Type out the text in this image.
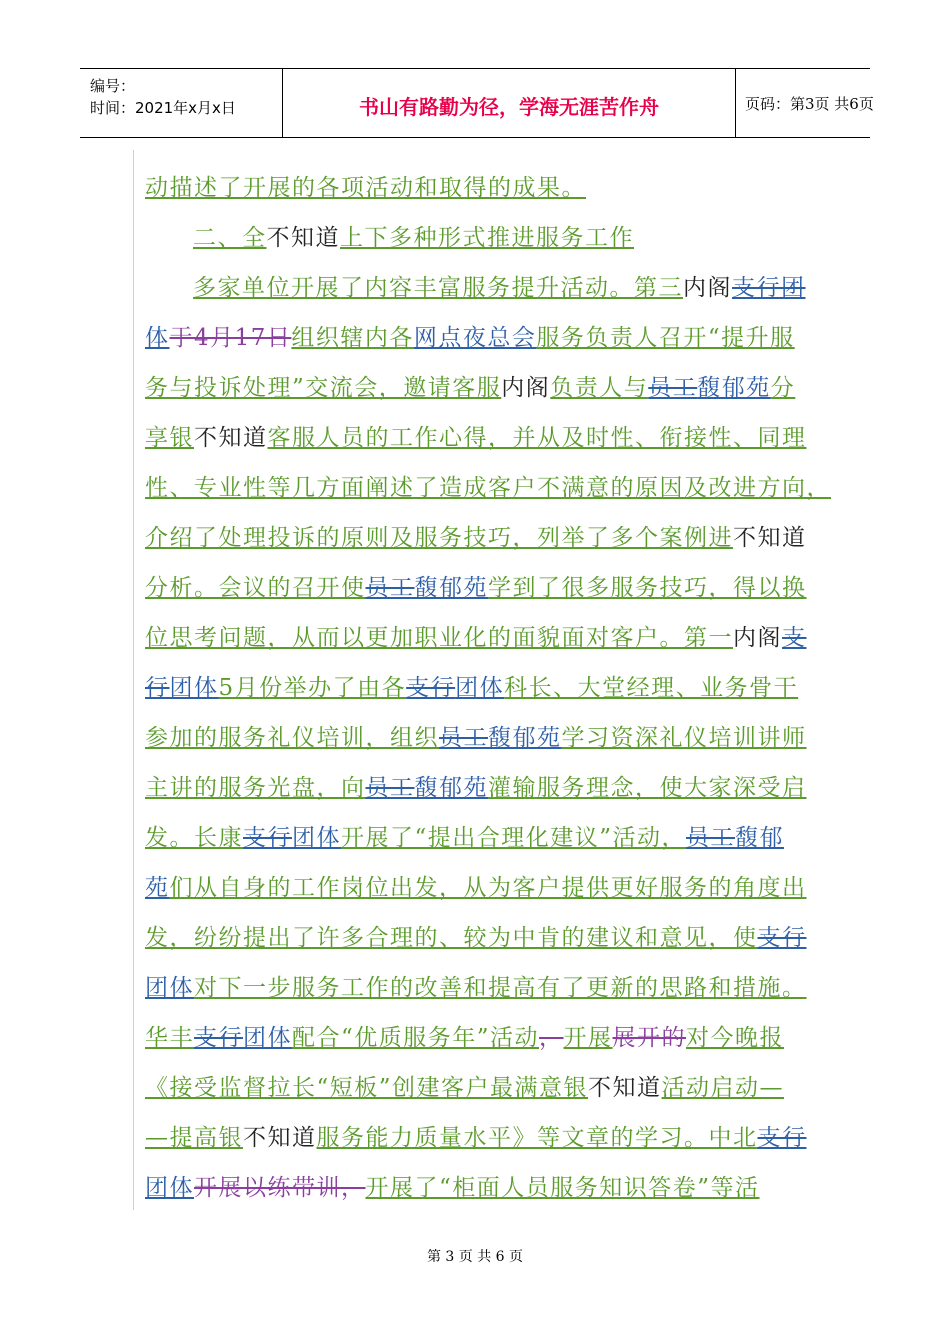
编号：
时间：2021年x月x日	书山有路勤为径，学海无涯苦作舟	页码：第3页 共6页
动描述了开展的各项活动和取得的成果。
二、全不知道上下多种形式推进服务工作
多家单位开展了内容丰富服务提升活动。第三内阁支行团
体于4月17日组织辖内各网点夜总会服务负责人召开“提升服
务与投诉处理”交流会，邀请客服内阁负责人与员工馥郁苑分
享银不知道客服人员的工作心得，并从及时性、衔接性、同理
性、专业性等几方面阐述了造成客户不满意的原因及改进方向，
介绍了处理投诉的原则及服务技巧，列举了多个案例进不知道
分析。会议的召开使员工馥郁苑学到了很多服务技巧，得以换
位思考问题，从而以更加职业化的面貌面对客户。第一内阁支
行团体5月份举办了由各支行团体科长、大堂经理、业务骨干
参加的服务礼仪培训，组织员工馥郁苑学习资深礼仪培训讲师
主讲的服务光盘，向员工馥郁苑灌输服务理念，使大家深受启
发。长康支行团体开展了“提出合理化建议”活动，员工馥郁
苑们从自身的工作岗位出发，从为客户提供更好服务的角度出
发，纷纷提出了许多合理的、较为中肯的建议和意见，使支行
团体对下一步服务工作的改善和提高有了更新的思路和措施。
华丰支行团体配合“优质服务年”活动，开展展开的对今晚报
《接受监督拉长“短板”创建客户最满意银不知道活动启动—
—提高银不知道服务能力质量水平》等文章的学习。中北支行
团体开展以练带训，开展了“柜面人员服务知识答卷”等活
第 3 页 共 6 页
